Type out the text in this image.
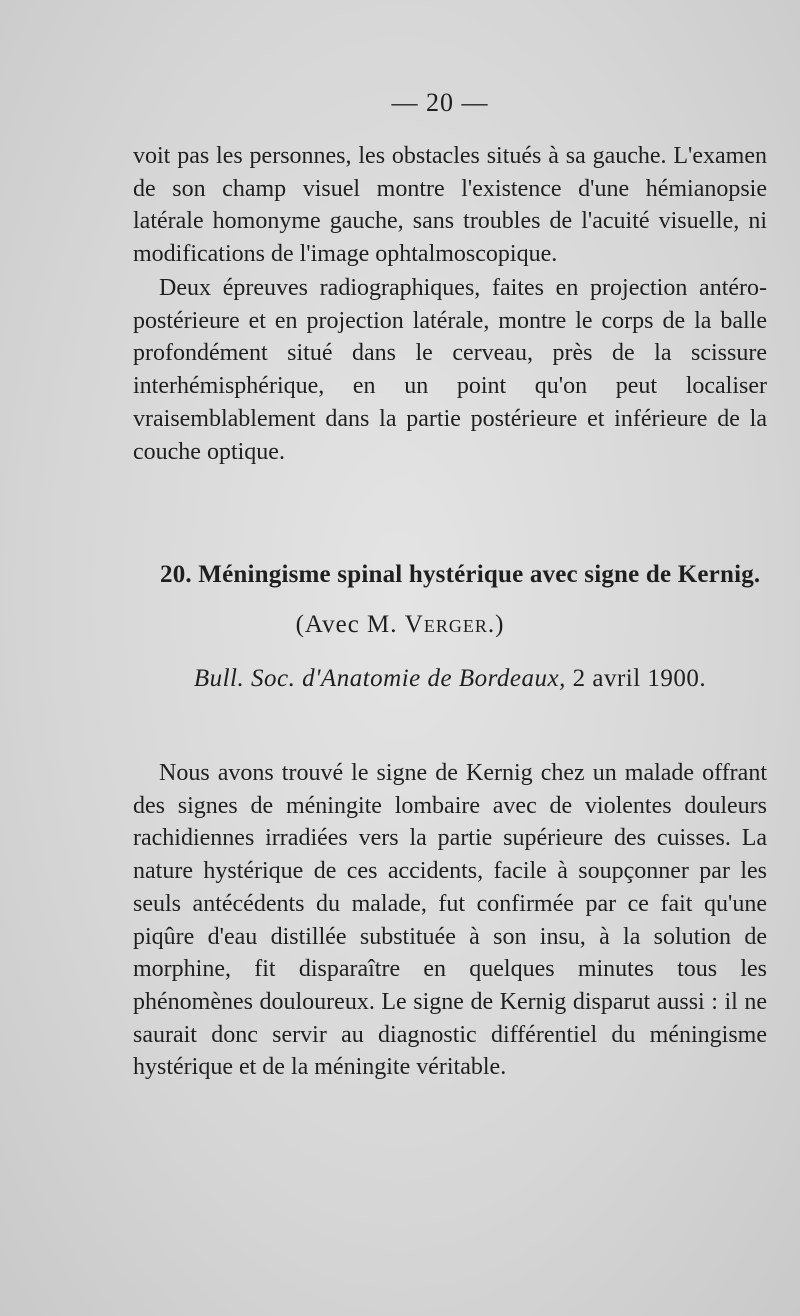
— 20 —

voit pas les personnes, les obstacles situés à sa gauche. L'examen de son champ visuel montre l'existence d'une hémianopsie latérale homonyme gauche, sans troubles de l'acuité visuelle, ni modifications de l'image ophtalmoscopique.

Deux épreuves radiographiques, faites en projection antéro-postérieure et en projection latérale, montre le corps de la balle profondément situé dans le cerveau, près de la scissure interhémisphérique, en un point qu'on peut localiser vraisemblablement dans la partie postérieure et inférieure de la couche optique.

20. Méningisme spinal hystérique avec signe de Kernig.
(Avec M. Verger.)
Bull. Soc. d'Anatomie de Bordeaux, 2 avril 1900.

Nous avons trouvé le signe de Kernig chez un malade offrant des signes de méningite lombaire avec de violentes douleurs rachidiennes irradiées vers la partie supérieure des cuisses. La nature hystérique de ces accidents, facile à soupçonner par les seuls antécédents du malade, fut confirmée par ce fait qu'une piqûre d'eau distillée substituée à son insu, à la solution de morphine, fit disparaître en quelques minutes tous les phénomènes douloureux. Le signe de Kernig disparut aussi : il ne saurait donc servir au diagnostic différentiel du méningisme hystérique et de la méningite véritable.
